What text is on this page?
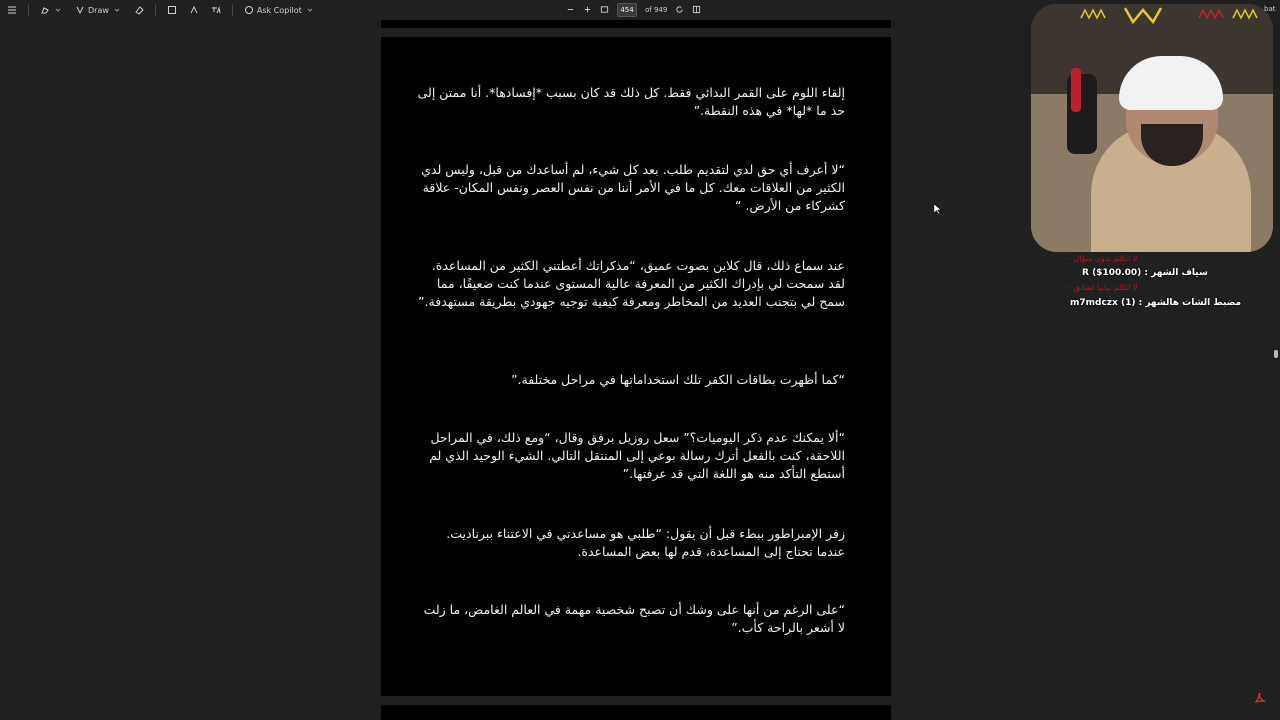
Draw	Ask Copilot	454	of 949
إلقاء اللوم على القمر البدائي فقط. كل ذلك قد كان بسبب *إفسادها*. أنا ممتن إلى حد ما *لها* في هذه النقطة.”
“لا أعرف أي حق لدي لتقديم طلب. بعد كل شيء، لم أساعدك من قبل، وليس لدي الكثير من العلاقات معك. كل ما في الأمر أننا من نفس العصر ونفس المكان- علاقة كشركاء من الأرض. “
عند سماع ذلك، قال كلاين بصوت عميق، “مذكراتك أعطتني الكثير من المساعدة. لقد سمحت لي بإدراك الكثير من المعرفة عالية المستوى عندما كنت ضعيفًا، مما سمح لي بتجنب العديد من المخاطر ومعرفة كيفية توجيه جهودي بطريقة مستهدفة.”
“كما أظهرت بطاقات الكفر تلك استخداماتها في مراحل مختلفة.”
“ألا يمكنك عدم ذكر اليوميات؟” سعل روزيل برفق وقال، “ومع ذلك، في المراحل اللاحقة، كنت بالفعل أترك رسالة بوعي إلى المنتقل التالي. الشيء الوحيد الذي لم أستطع التأكد منه هو اللغة التي قد عرفتها.”
زفر الإمبراطور ببطء قبل أن يقول: “طلبي هو مساعدتي في الاعتناء ببرناديت. عندما تحتاج إلى المساعدة، قدم لها بعض المساعدة.
“على الرغم من أنها على وشك أن تصبح شخصية مهمة في العالم الغامض، ما زلت لا أشعر بالراحة كأب.”
bat
لا اتكلم بدون سؤال -
سياف الشهر : R ($100.00)
لا اتكلم بيانيا لشاتق -
مضبط الشات هالشهر : m7mdczx (1)
